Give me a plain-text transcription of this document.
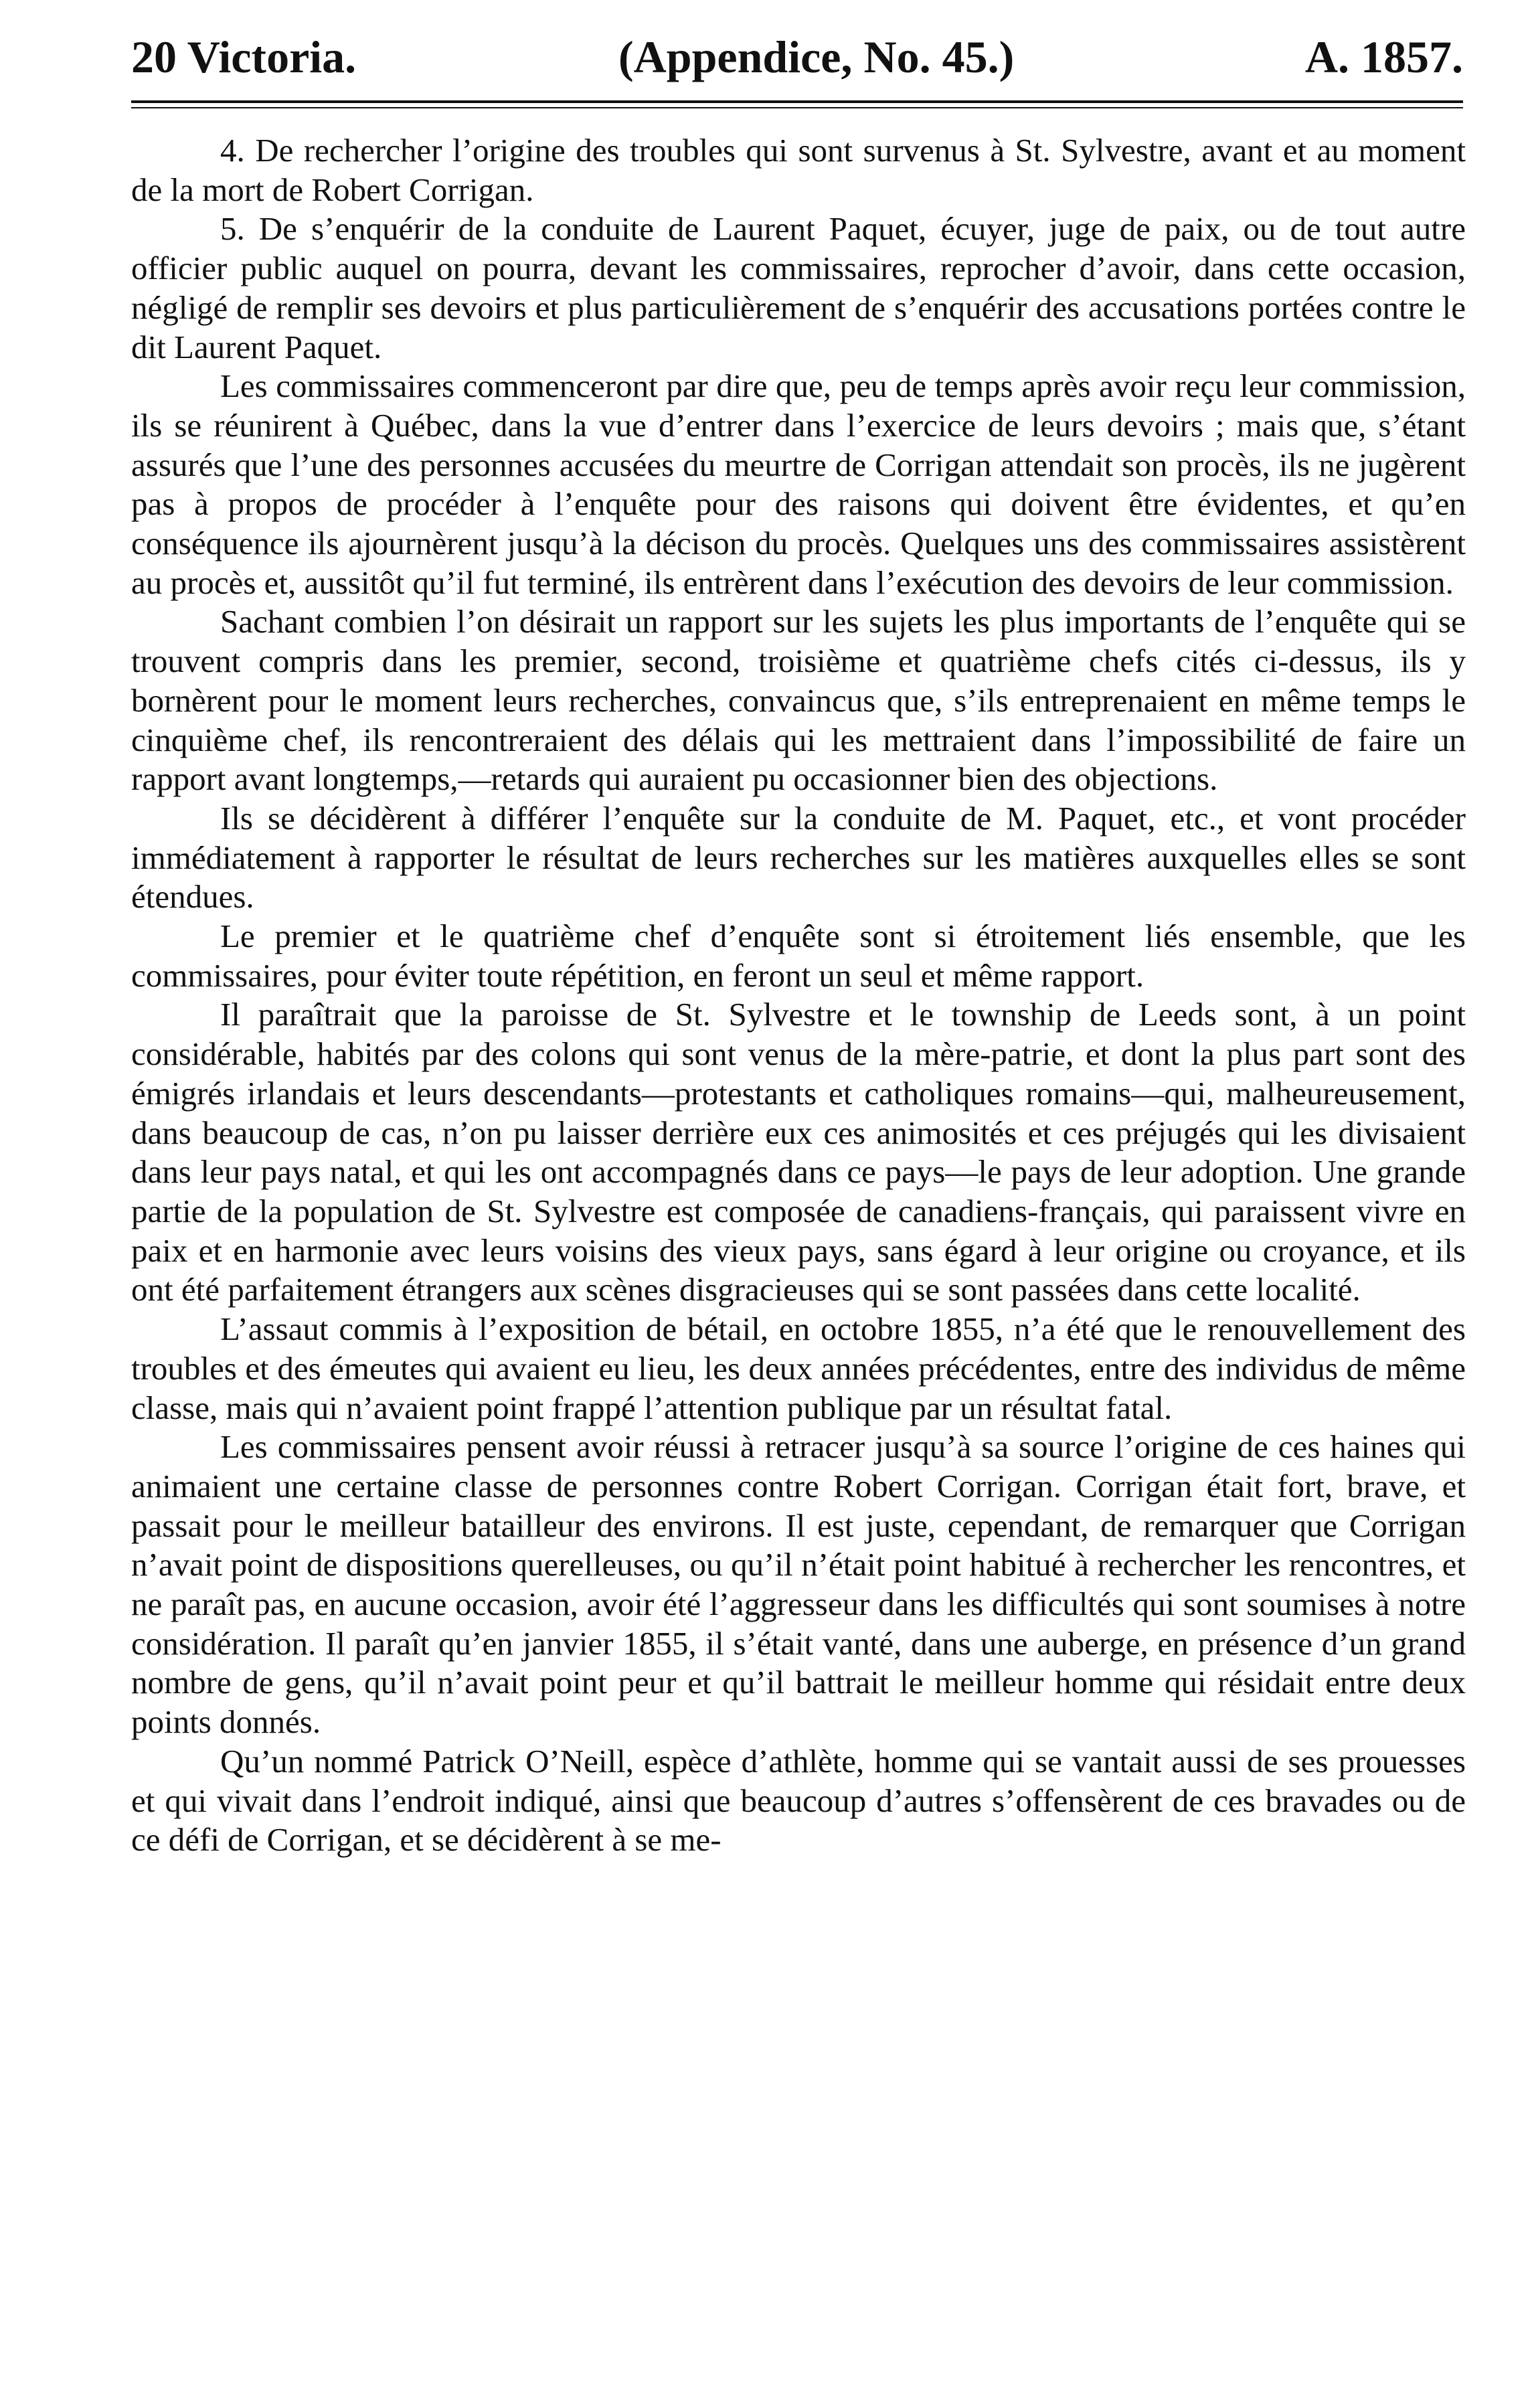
20 Victoria.	(Appendice, No. 45.)	A. 1857.

4. De rechercher l’origine des troubles qui sont survenus à St. Sylvestre, avant et au moment de la mort de Robert Corrigan.

5. De s’enquérir de la conduite de Laurent Paquet, écuyer, juge de paix, ou de tout autre officier public auquel on pourra, devant les commissaires, reprocher d’avoir, dans cette occasion, négligé de remplir ses devoirs et plus particulièrement de s’enquérir des accusations portées contre le dit Laurent Paquet.

Les commissaires commenceront par dire que, peu de temps après avoir reçu leur commission, ils se réunirent à Québec, dans la vue d’entrer dans l’exercice de leurs devoirs ; mais que, s’étant assurés que l’une des personnes accusées du meurtre de Corrigan attendait son procès, ils ne jugèrent pas à propos de procéder à l’enquête pour des raisons qui doivent être évidentes, et qu’en conséquence ils ajournèrent jusqu’à la décison du procès. Quelques uns des commissaires assistèrent au procès et, aussitôt qu’il fut terminé, ils entrèrent dans l’exécution des devoirs de leur commission.

Sachant combien l’on désirait un rapport sur les sujets les plus importants de l’enquête qui se trouvent compris dans les premier, second, troisième et quatrième chefs cités ci-dessus, ils y bornèrent pour le moment leurs recherches, convaincus que, s’ils entreprenaient en même temps le cinquième chef, ils rencontreraient des délais qui les mettraient dans l’impossibilité de faire un rapport avant longtemps,—retards qui auraient pu occasionner bien des objections.

Ils se décidèrent à différer l’enquête sur la conduite de M. Paquet, etc., et vont procéder immédiatement à rapporter le résultat de leurs recherches sur les matières auxquelles elles se sont étendues.

Le premier et le quatrième chef d’enquête sont si étroitement liés ensemble, que les commissaires, pour éviter toute répétition, en feront un seul et même rapport.

Il paraîtrait que la paroisse de St. Sylvestre et le township de Leeds sont, à un point considérable, habités par des colons qui sont venus de la mère-patrie, et dont la plus part sont des émigrés irlandais et leurs descendants—protestants et catholiques romains—qui, malheureusement, dans beaucoup de cas, n’on pu laisser derrière eux ces animosités et ces préjugés qui les divisaient dans leur pays natal, et qui les ont accompagnés dans ce pays—le pays de leur adoption. Une grande partie de la population de St. Sylvestre est composée de canadiens-français, qui paraissent vivre en paix et en harmonie avec leurs voisins des vieux pays, sans égard à leur origine ou croyance, et ils ont été parfaitement étrangers aux scènes disgracieuses qui se sont passées dans cette localité.

L’assaut commis à l’exposition de bétail, en octobre 1855, n’a été que le renouvellement des troubles et des émeutes qui avaient eu lieu, les deux années précédentes, entre des individus de même classe, mais qui n’avaient point frappé l’attention publique par un résultat fatal.

Les commissaires pensent avoir réussi à retracer jusqu’à sa source l’origine de ces haines qui animaient une certaine classe de personnes contre Robert Corrigan. Corrigan était fort, brave, et passait pour le meilleur batailleur des environs. Il est juste, cependant, de remarquer que Corrigan n’avait point de dispositions querelleuses, ou qu’il n’était point habitué à rechercher les rencontres, et ne paraît pas, en aucune occasion, avoir été l’aggresseur dans les difficultés qui sont soumises à notre considération. Il paraît qu’en janvier 1855, il s’était vanté, dans une auberge, en présence d’un grand nombre de gens, qu’il n’avait point peur et qu’il battrait le meilleur homme qui résidait entre deux points donnés.

Qu’un nommé Patrick O’Neill, espèce d’athlète, homme qui se vantait aussi de ses prouesses et qui vivait dans l’endroit indiqué, ainsi que beaucoup d’autres s’offensèrent de ces bravades ou de ce défi de Corrigan, et se décidèrent à se me-
